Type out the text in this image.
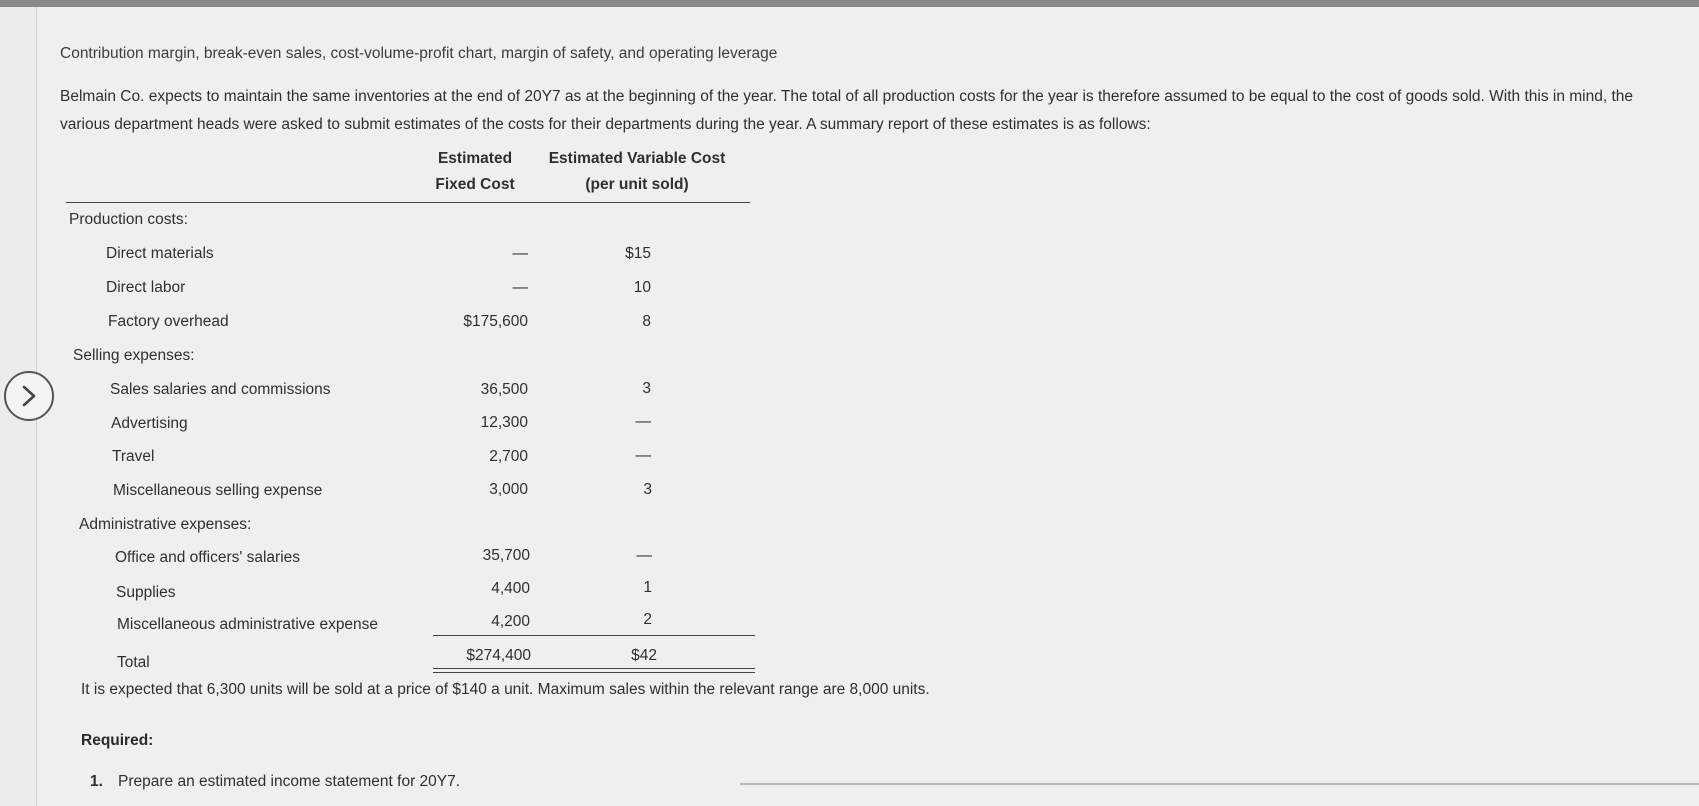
Contribution margin, break-even sales, cost-volume-profit chart, margin of safety, and operating leverage
Belmain Co. expects to maintain the same inventories at the end of 20Y7 as at the beginning of the year. The total of all production costs for the year is therefore assumed to be equal to the cost of goods sold. With this in mind, the various department heads were asked to submit estimates of the costs for their departments during the year. A summary report of these estimates is as follows:
Estimated
Fixed Cost
Estimated Variable Cost
(per unit sold)
Production costs:
Selling expenses:
Administrative expenses:
Direct materials
Direct labor
Factory overhead
Sales salaries and commissions
Advertising
Travel
Miscellaneous selling expense
Office and officers' salaries
Supplies
Miscellaneous administrative expense
—
—
$175,600
36,500
12,300
2,700
3,000
35,700
4,400
4,200
$15
10
8
3
—
—
3
—
1
2
Total	$274,400	$42
It is expected that 6,300 units will be sold at a price of $140 a unit. Maximum sales within the relevant range are 8,000 units.
Required:
1. Prepare an estimated income statement for 20Y7.
